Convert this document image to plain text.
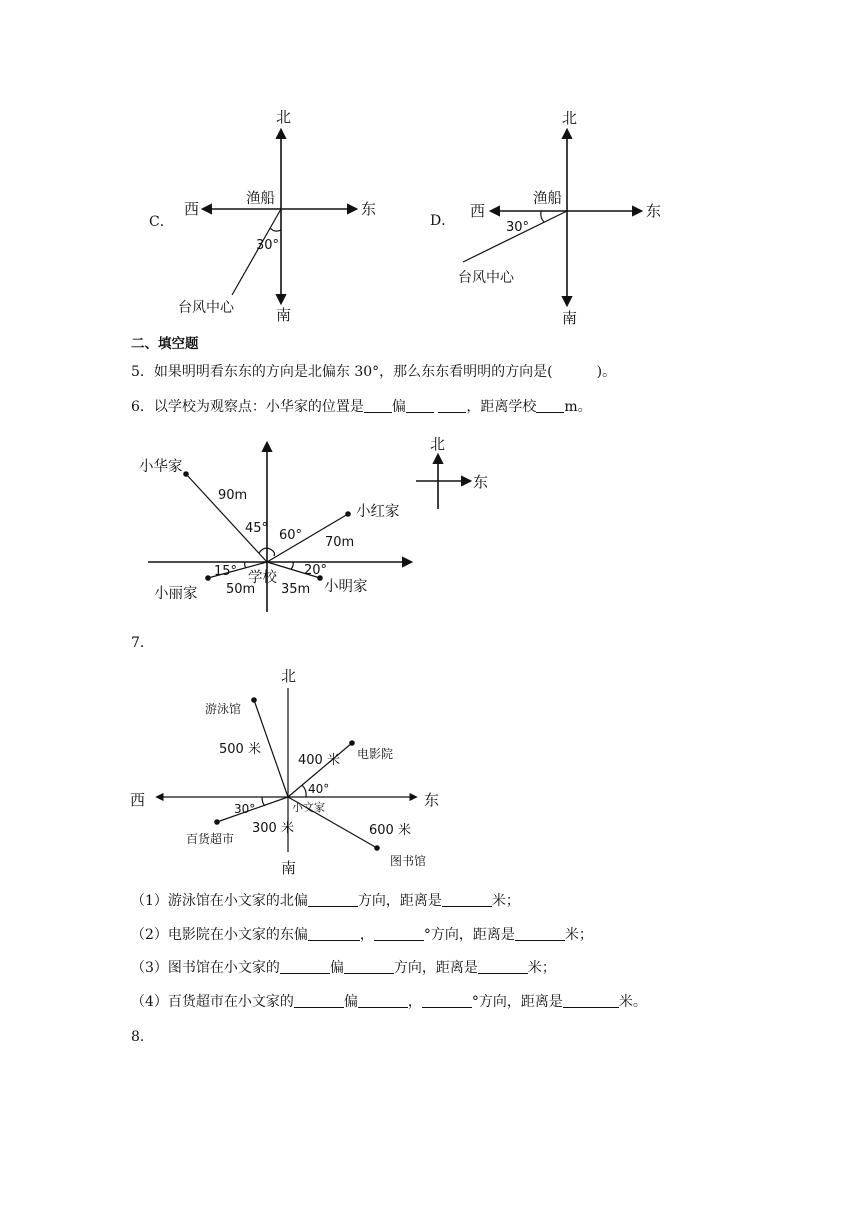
北
南
西	东
渔船
30°
台风中心
北
南
西	东
渔船
30°
台风中心
小华家
90m
小红家
70m
小丽家 50m	小明家
35m
学校
45° 60°
15°	20°
北
东
北
南
西	东
小文家
游泳馆
500 米	电影院
400 米
40°
图书馆
600 米
百货超市
300 米
30°
C．	D．
二、填空题
5．如果明明看东东的方向是北偏东 30°，那么东东看明明的方向是(	)。
6．以学校为观察点：小华家的位置是 偏	，距离学校 m。
7．
（1）游泳馆在小文家的北偏	方向，距离是	米；
（2）电影院在小文家的东偏	，	°方向，距离是	米；
（3）图书馆在小文家的	偏	方向，距离是	米；
（4）百货超市在小文家的	偏	，	°方向，距离是	米。
8．
